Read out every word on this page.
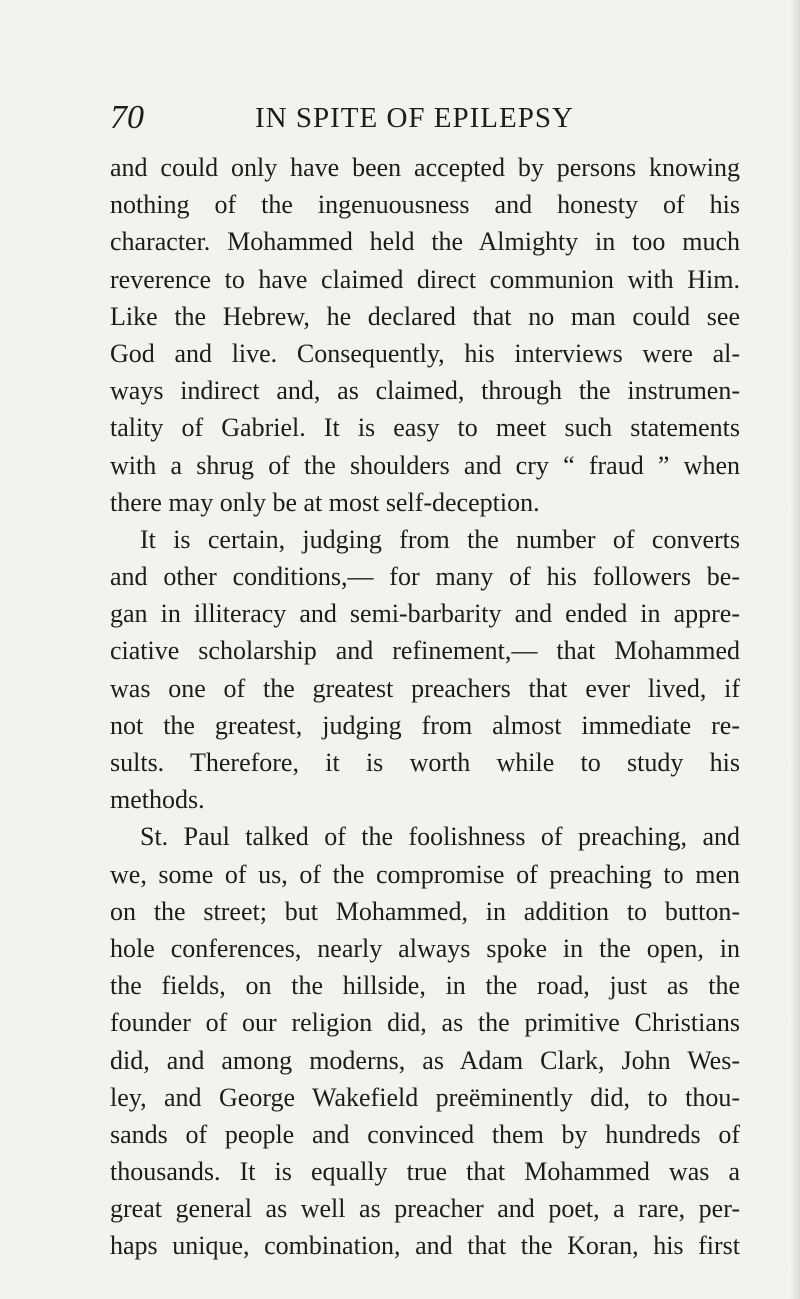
70	IN SPITE OF EPILEPSY
and could only have been accepted by persons knowing
nothing of the ingenuousness and honesty of his
character. Mohammed held the Almighty in too much
reverence to have claimed direct communion with Him.
Like the Hebrew, he declared that no man could see
God and live. Consequently, his interviews were al-
ways indirect and, as claimed, through the instrumen-
tality of Gabriel. It is easy to meet such statements
with a shrug of the shoulders and cry “ fraud ” when
there may only be at most self-deception.
It is certain, judging from the number of converts
and other conditions,— for many of his followers be-
gan in illiteracy and semi-barbarity and ended in appre-
ciative scholarship and refinement,— that Mohammed
was one of the greatest preachers that ever lived, if
not the greatest, judging from almost immediate re-
sults. Therefore, it is worth while to study his
methods.
St. Paul talked of the foolishness of preaching, and
we, some of us, of the compromise of preaching to men
on the street; but Mohammed, in addition to button-
hole conferences, nearly always spoke in the open, in
the fields, on the hillside, in the road, just as the
founder of our religion did, as the primitive Christians
did, and among moderns, as Adam Clark, John Wes-
ley, and George Wakefield preëminently did, to thou-
sands of people and convinced them by hundreds of
thousands. It is equally true that Mohammed was a
great general as well as preacher and poet, a rare, per-
haps unique, combination, and that the Koran, his first
